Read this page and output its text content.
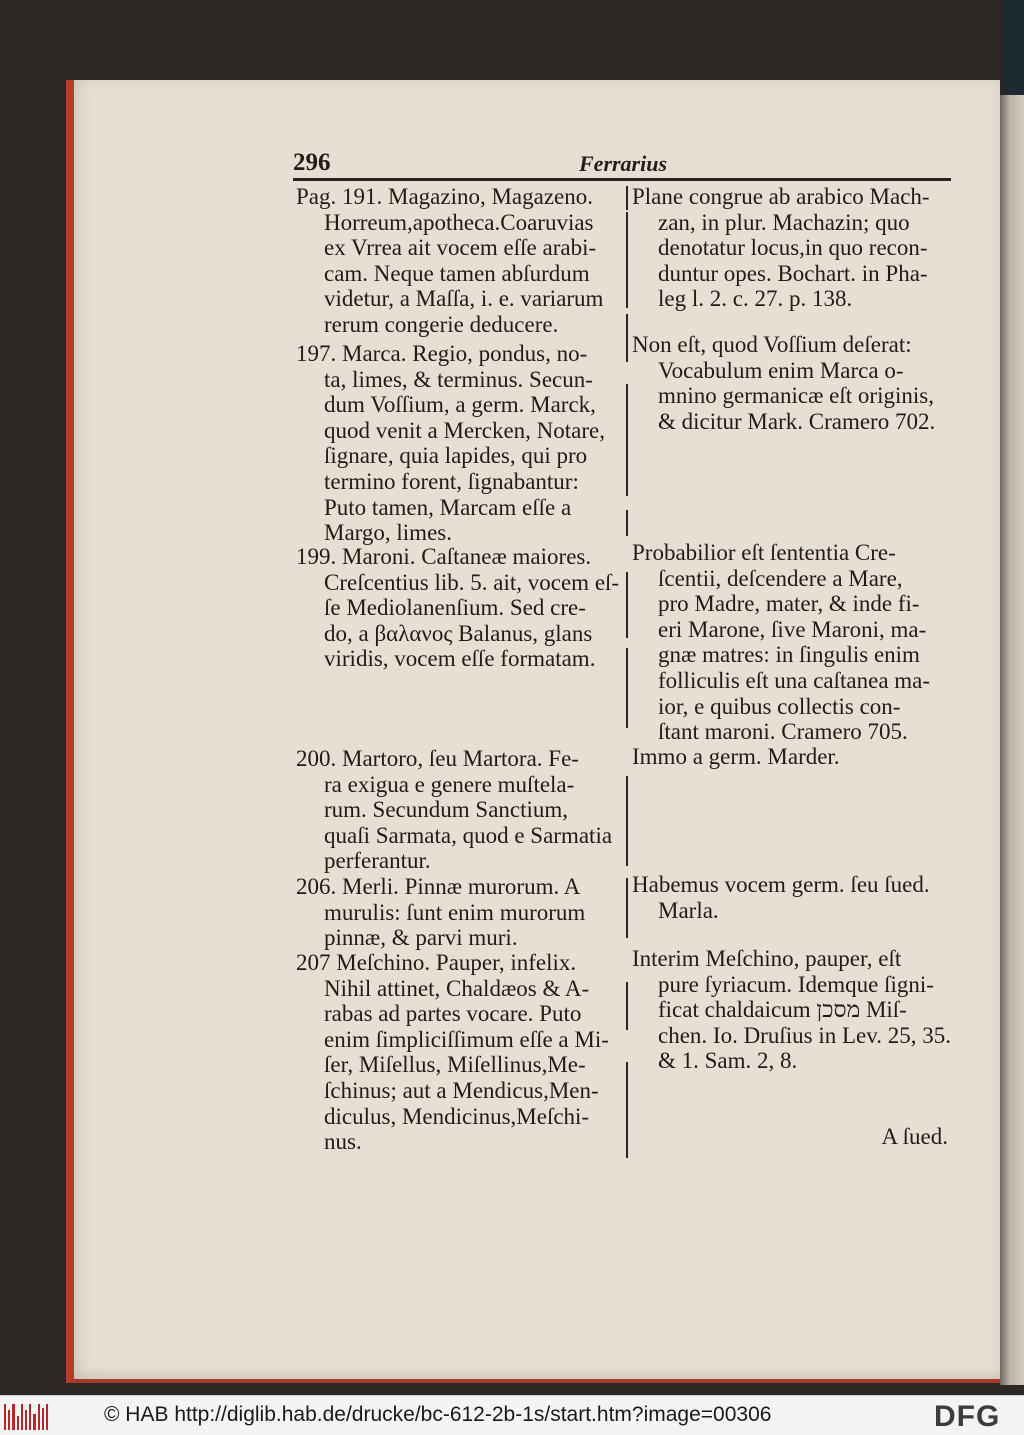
296	Ferrarius
Pag. 191. Magazino, Magazeno.
Horreum,apotheca.Coaruvias
ex Vrrea ait vocem eſſe arabi-
cam. Neque tamen abſurdum
videtur, a Maſſa, i. e. variarum
rerum congerie deducere.
197. Marca. Regio, pondus, no-
ta, limes, & terminus. Secun-
dum Voſſium, a germ. Marck,
quod venit a Mercken, Notare,
ſignare, quia lapides, qui pro
termino forent, ſignabantur:
Puto tamen, Marcam eſſe a
Margo, limes.
199. Maroni. Caſtaneæ maiores.
Creſcentius lib. 5. ait, vocem eſ-
ſe Mediolanenſium. Sed cre-
do, a βαλανος Balanus, glans
viridis, vocem eſſe formatam.
200. Martoro, ſeu Martora. Fe-
ra exigua e genere muſtela-
rum. Secundum Sanctium,
quaſi Sarmata, quod e Sarmatia
perferantur.
206. Merli. Pinnæ murorum. A
murulis: ſunt enim murorum
pinnæ, & parvi muri.
207 Meſchino. Pauper, infelix.
Nihil attinet, Chaldæos & A-
rabas ad partes vocare. Puto
enim ſimpliciſſimum eſſe a Mi-
ſer, Miſellus, Miſellinus,Me-
ſchinus; aut a Mendicus,Men-
diculus, Mendicinus,Meſchi-
nus.
Plane congrue ab arabico Mach-
zan, in plur. Machazin; quo
denotatur locus,in quo recon-
duntur opes. Bochart. in Pha-
leg l. 2. c. 27. p. 138.
Non eſt, quod Voſſium deſerat:
Vocabulum enim Marca o-
mnino germanicæ eſt originis,
& dicitur Mark. Cramero 702.
Probabilior eſt ſententia Cre-
ſcentii, deſcendere a Mare,
pro Madre, mater, & inde fi-
eri Marone, ſive Maroni, ma-
gnæ matres: in ſingulis enim
folliculis eſt una caſtanea ma-
ior, e quibus collectis con-
ſtant maroni. Cramero 705.
Immo a germ. Marder.
Habemus vocem germ. ſeu ſued.
Marla.
Interim Meſchino, pauper, eſt
pure ſyriacum. Idemque ſigni-
ficat chaldaicum מסכן Miſ-
chen. Io. Druſius in Lev. 25, 35.
& 1. Sam. 2, 8.
A ſued.
© HAB http://diglib.hab.de/drucke/bc-612-2b-1s/start.htm?image=00306	DFG
